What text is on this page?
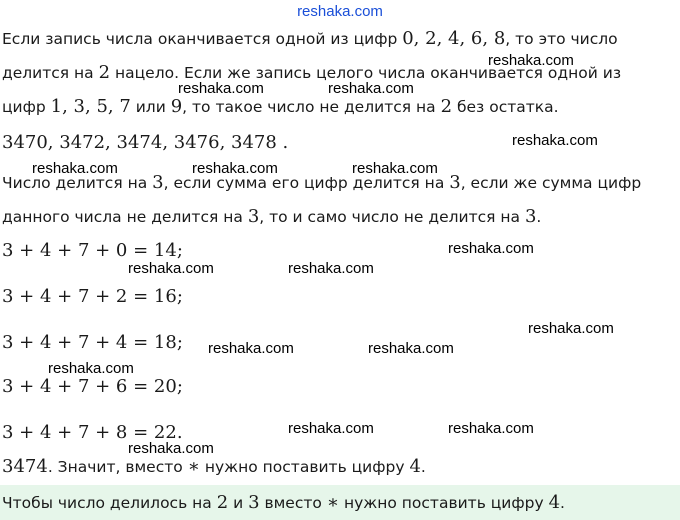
reshaka.com
Если запись числа оканчивается одной из цифр 0, 2, 4, 6, 8, то это число
делится на 2 нацело. Если же запись целого числа оканчивается одной из
цифр 1, 3, 5, 7 или 9, то такое число не делится на 2 без остатка.
3470, 3472, 3474, 3476, 3478 .
Число делится на 3, если сумма его цифр делится на 3, если же сумма цифр
данного числа не делится на 3, то и само число не делится на 3.
3 + 4 + 7 + 0 = 14;
3 + 4 + 7 + 2 = 16;
3 + 4 + 7 + 4 = 18;
3 + 4 + 7 + 6 = 20;
3 + 4 + 7 + 8 = 22.
3474. Значит, вместо ∗ нужно поставить цифру 4.
Чтобы число делилось на 2 и 3 вместо ∗ нужно поставить цифру 4.
reshaka.com
reshaka.com
reshaka.com
reshaka.com	reshaka.com	reshaka.com
reshaka.com
reshaka.com	reshaka.com
reshaka.com
reshaka.com	reshaka.com
reshaka.com
reshaka.com	reshaka.com
reshaka.com
reshaka.com
